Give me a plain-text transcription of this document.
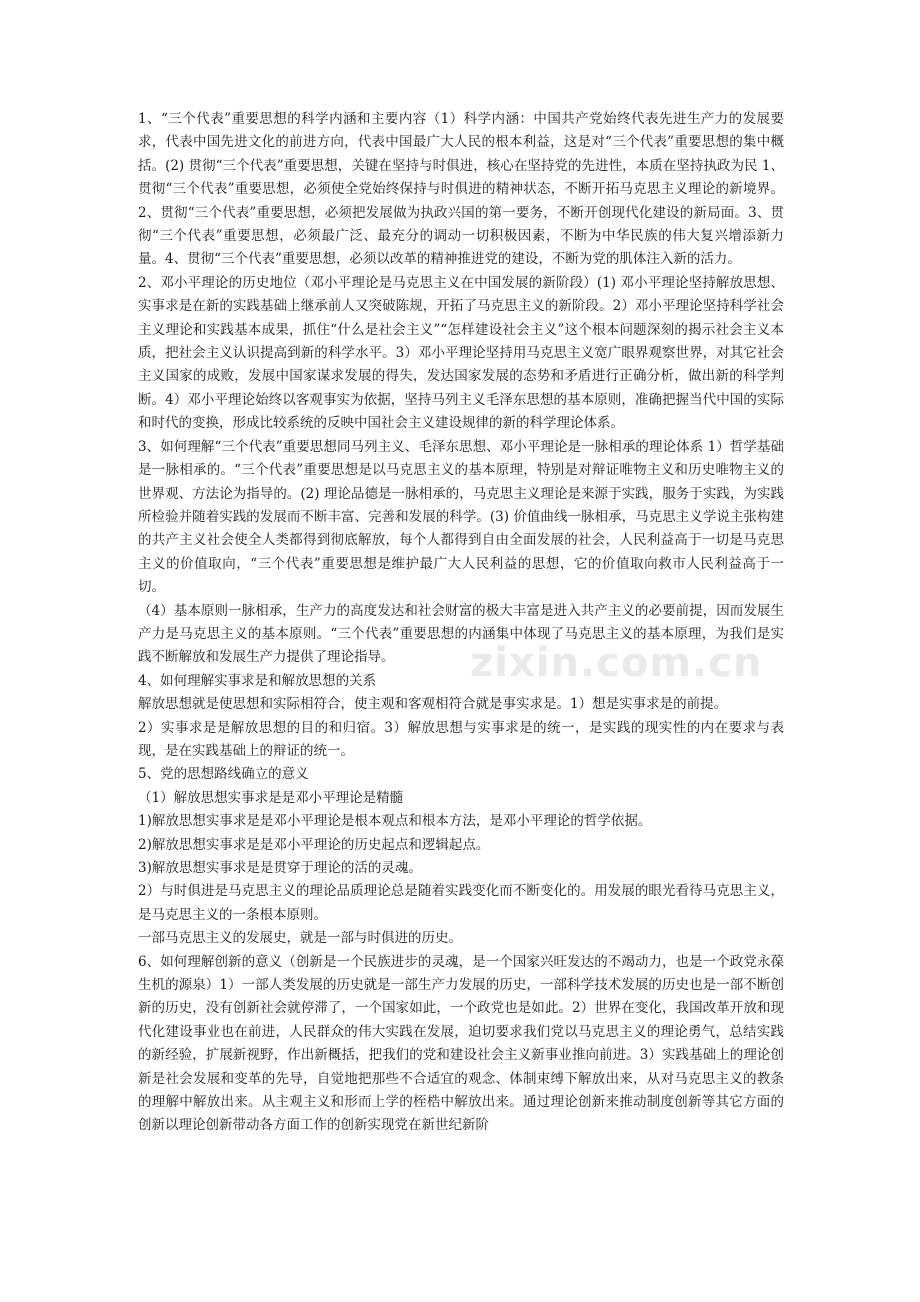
1、“三个代表”重要思想的科学内涵和主要内容（1）科学内涵：中国共产党始终代表先进生产力的发展要求，代表中国先进文化的前进方向，代表中国最广大人民的根本利益，这是对“三个代表”重要思想的集中概括。(2) 贯彻“三个代表”重要思想，关键在坚持与时俱进，核心在坚持党的先进性，本质在坚持执政为民 1、贯彻“三个代表”重要思想，必须使全党始终保持与时俱进的精神状态，不断开拓马克思主义理论的新境界。2、贯彻“三个代表”重要思想，必须把发展做为执政兴国的第一要务，不断开创现代化建设的新局面。3、贯彻“三个代表”重要思想，必须最广泛、最充分的调动一切积极因素，不断为中华民族的伟大复兴增添新力量。4、贯彻“三个代表”重要思想，必须以改革的精神推进党的建设，不断为党的肌体注入新的活力。

2、邓小平理论的历史地位（邓小平理论是马克思主义在中国发展的新阶段）(1) 邓小平理论坚持解放思想、实事求是在新的实践基础上继承前人又突破陈规，开拓了马克思主义的新阶段。2）邓小平理论坚持科学社会主义理论和实践基本成果，抓住“什么是社会主义”“怎样建设社会主义”这个根本问题深刻的揭示社会主义本质，把社会主义认识提高到新的科学水平。3）邓小平理论坚持用马克思主义宽广眼界观察世界，对其它社会主义国家的成败，发展中国家谋求发展的得失，发达国家发展的态势和矛盾进行正确分析，做出新的科学判断。4）邓小平理论始终以客观事实为依据，坚持马列主义毛泽东思想的基本原则，准确把握当代中国的实际和时代的变换，形成比较系统的反映中国社会主义建设规律的新的科学理论体系。

3、如何理解“三个代表”重要思想同马列主义、毛泽东思想、邓小平理论是一脉相承的理论体系 1）哲学基础是一脉相承的。“三个代表”重要思想是以马克思主义的基本原理，特别是对辩证唯物主义和历史唯物主义的世界观、方法论为指导的。(2) 理论品德是一脉相承的，马克思主义理论是来源于实践，服务于实践，为实践所检验并随着实践的发展而不断丰富、完善和发展的科学。(3) 价值曲线一脉相承，马克思主义学说主张构建的共产主义社会使全人类都得到彻底解放，每个人都得到自由全面发展的社会，人民利益高于一切是马克思主义的价值取向，“三个代表”重要思想是维护最广大人民利益的思想，它的价值取向救市人民利益高于一切。

（4）基本原则一脉相承，生产力的高度发达和社会财富的极大丰富是进入共产主义的必要前提，因而发展生产力是马克思主义的基本原则。“三个代表”重要思想的内涵集中体现了马克思主义的基本原理，为我们是实践不断解放和发展生产力提供了理论指导。

4、如何理解实事求是和解放思想的关系

解放思想就是使思想和实际相符合，使主观和客观相符合就是事实求是。1）想是实事求是的前提。

2）实事求是是解放思想的目的和归宿。3）解放思想与实事求是的统一，是实践的现实性的内在要求与表现，是在实践基础上的辩证的统一。

5、党的思想路线确立的意义

（1）解放思想实事求是是邓小平理论是精髓

1)解放思想实事求是是邓小平理论是根本观点和根本方法，是邓小平理论的哲学依据。

2)解放思想实事求是是邓小平理论的历史起点和逻辑起点。

3)解放思想实事求是是贯穿于理论的活的灵魂。

2）与时俱进是马克思主义的理论品质理论总是随着实践变化而不断变化的。用发展的眼光看待马克思主义，是马克思主义的一条根本原则。

一部马克思主义的发展史，就是一部与时俱进的历史。

6、如何理解创新的意义（创新是一个民族进步的灵魂，是一个国家兴旺发达的不竭动力，也是一个政党永葆生机的源泉）1）一部人类发展的历史就是一部生产力发展的历史，一部科学技术发展的历史也是一部不断创新的历史，没有创新社会就停滞了，一个国家如此，一个政党也是如此。2）世界在变化，我国改革开放和现代化建设事业也在前进，人民群众的伟大实践在发展，迫切要求我们党以马克思主义的理论勇气，总结实践的新经验，扩展新视野，作出新概括，把我们的党和建设社会主义新事业推向前进。3）实践基础上的理论创新是社会发展和变革的先导，自觉地把那些不合适宜的观念、体制束缚下解放出来，从对马克思主义的教条的理解中解放出来。从主观主义和形而上学的桎梏中解放出来。通过理论创新来推动制度创新等其它方面的创新以理论创新带动各方面工作的创新实现党在新世纪新阶

zixin.com.cn
